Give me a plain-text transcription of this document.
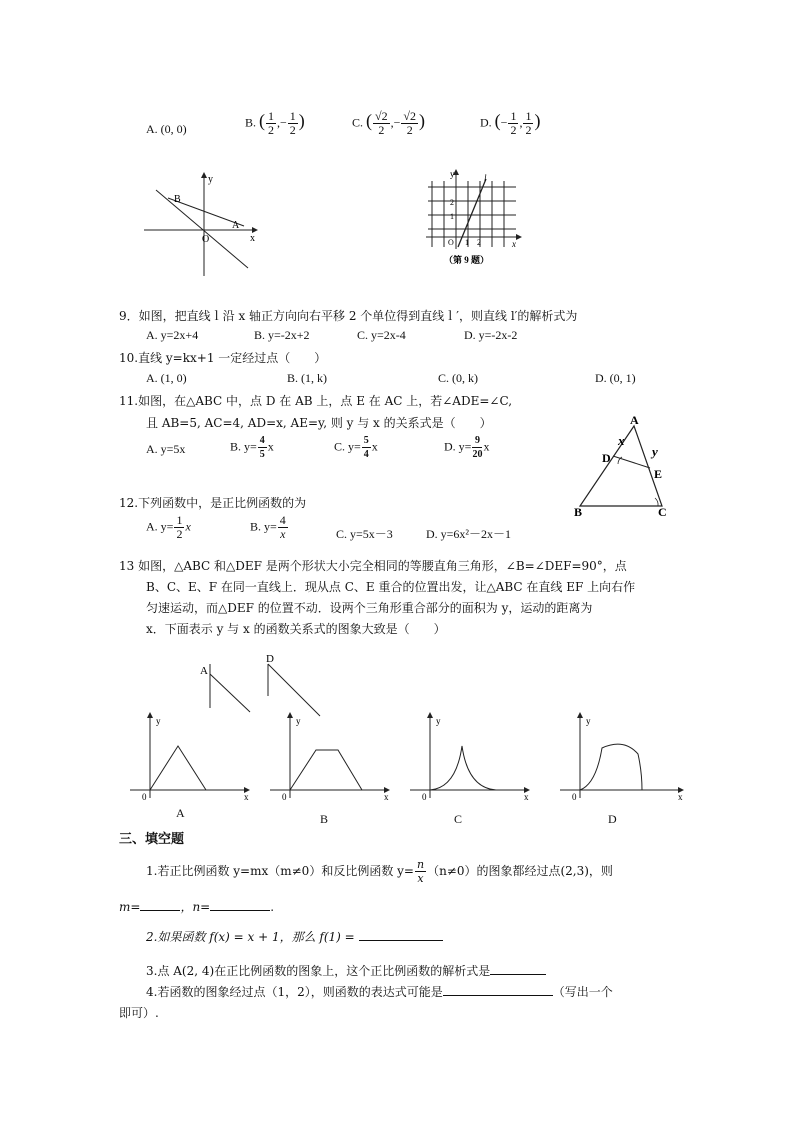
A. (0, 0)	B. ( $\frac{1}{2}$ ,− $\frac{1}{2}$ )	C. ( $\frac{√2}{2}$ ,− $\frac{√2}{2}$ )	D. (− $\frac{1}{2}$ , $\frac{1}{2}$ )
y
x
O
A
B
y
x
l
O
2
1
1 2
（第 9 题）
9．如图，把直线ｌ沿 x 轴正方向向右平移 2 个单位得到直线ｌ′，则直线 l′的解析式为
A. y=2x+4	B. y=-2x+2	C. y=2x-4	D. y=-2x-2
10.直线 y=kx+1 一定经过点（　　）
A. (1, 0)	B. (1, k)	C. (0, k)	D. (0, 1)
11.如图，在△ABC 中，点 D 在 AB 上，点 E 在 AC 上，若∠ADE=∠C,
且 AB=5, AC=4, AD=x, AE=y, 则 y 与 x 的关系式是（　　）
A. y=5x	B. $y= \frac{4}{5}$ x	C. $y= \frac{5}{4}$ x	D. $y= \frac{9}{20}$ x
A
B	C
D
E
x
y
12.下列函数中，是正比例函数的为
A. $y= \frac{1}{2}$ x	B. $y= \frac{4}{x}$	C. y=5x－3	D. y=6x²－2x－1
13 如图，△ABC 和△DEF 是两个形状大小完全相同的等腰直角三角形，∠B=∠DEF=90°，点
B、C、E、F 在同一直线上．现从点 C、E 重合的位置出发，让△ABC 在直线 EF 上向右作
匀速运动，而△DEF 的位置不动．设两个三角形重合部分的面积为 y，运动的距离为
x．下面表示 y 与 x 的函数关系式的图象大致是（　　）
A
D
y
x
0
A
y
x
0
B
y
x
0
C
y
x
0
D
三、填空题
1.若正比例函数 y=mx（m≠0）和反比例函数 $y= \frac{n}{x} (n\ne 0)$的图象都经过点(2,3)，则
m=	，n=	.
2.如果函数 f(x) = x + 1，那么 f(1) =
3.点 A(2, 4)在正比例函数的图象上，这个正比例函数的解析式是
4.若函数的图象经过点（1，2），则函数的表达式可能是	（写出一个
即可）.
